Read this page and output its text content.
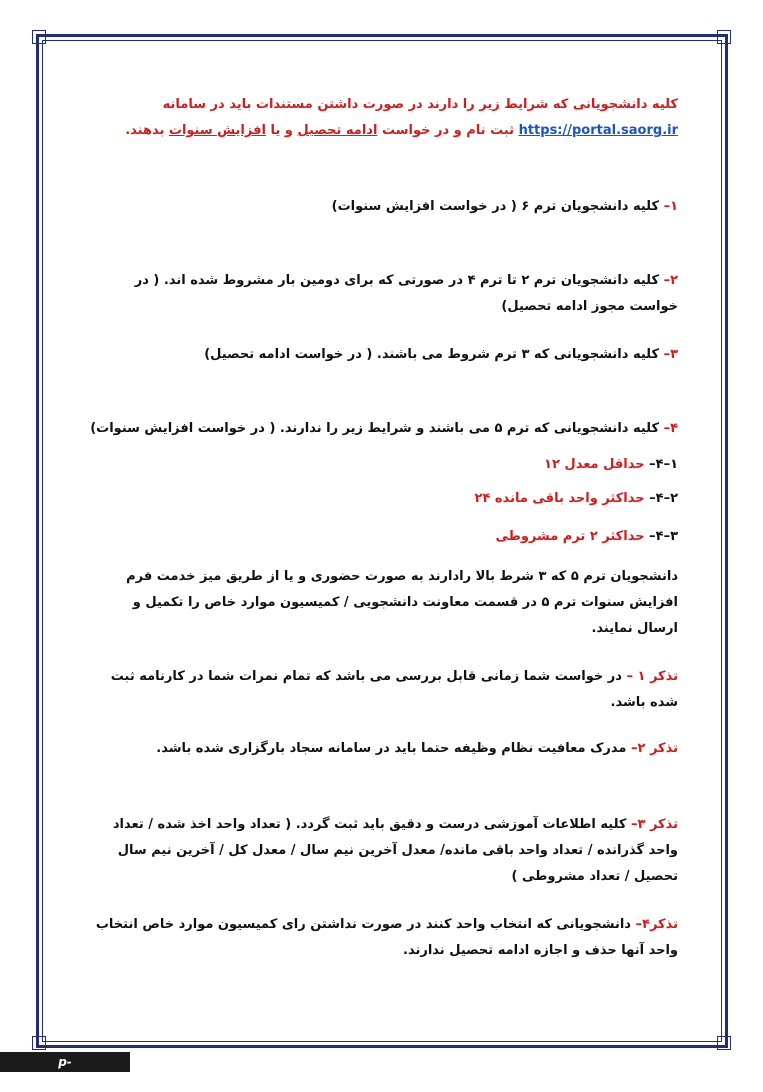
کلیه دانشجویانی که شرایط زیر را دارند در صورت داشتن مستندات باید در سامانه https://portal.saorg.ir ثبت نام و در خواست ادامه تحصیل و یا افزایش سنوات بدهند.
۱– کلیه دانشجویان ترم ۶ ( در خواست افزایش سنوات)
۲– کلیه دانشجویان ترم ۲ تا ترم ۴ در صورتی که برای دومین بار مشروط شده اند. ( در خواست مجوز ادامه تحصیل)
۳– کلیه دانشجویانی که ۳ ترم شروط می باشند. ( در خواست ادامه تحصیل)
۴– کلیه دانشجویانی که ترم ۵ می باشند و شرایط زیر را ندارند. ( در خواست افزایش سنوات)
۱–۴– حداقل معدل ۱۲
۲–۴– حداکثر واحد باقی مانده ۲۴
۳–۴– حداکثر ۲ ترم مشروطی
دانشجویان ترم ۵ که ۳ شرط بالا رادارند به صورت حضوری و یا از طریق میز خدمت فرم افزایش سنوات ترم ۵ در قسمت معاونت دانشجویی / کمیسیون موارد خاص را تکمیل و ارسال نمایند.
تذکر ۱ – در خواست شما زمانی قابل بررسی می باشد که تمام نمرات شما در کارنامه ثبت شده باشد.
تذکر ۲– مدرک معافیت نظام وظیفه حتما باید در سامانه سجاد بارگزاری شده باشد.
تذکر ۳– کلیه اطلاعات آموزشی درست و دقیق باید ثبت گردد. ( تعداد واحد اخذ شده / تعداد واحد گذرانده / تعداد واحد باقی مانده/ معدل آخرین نیم سال / معدل کل / آخرین نیم سال تحصیل / تعداد مشروطی )
تذکر۴– دانشجویانی که انتخاب واحد کنند در صورت نداشتن رای کمیسیون موارد خاص انتخاب واحد آنها حذف و اجازه ادامه تحصیل ندارند.
p-golpayegan.tvu.ac.ir
